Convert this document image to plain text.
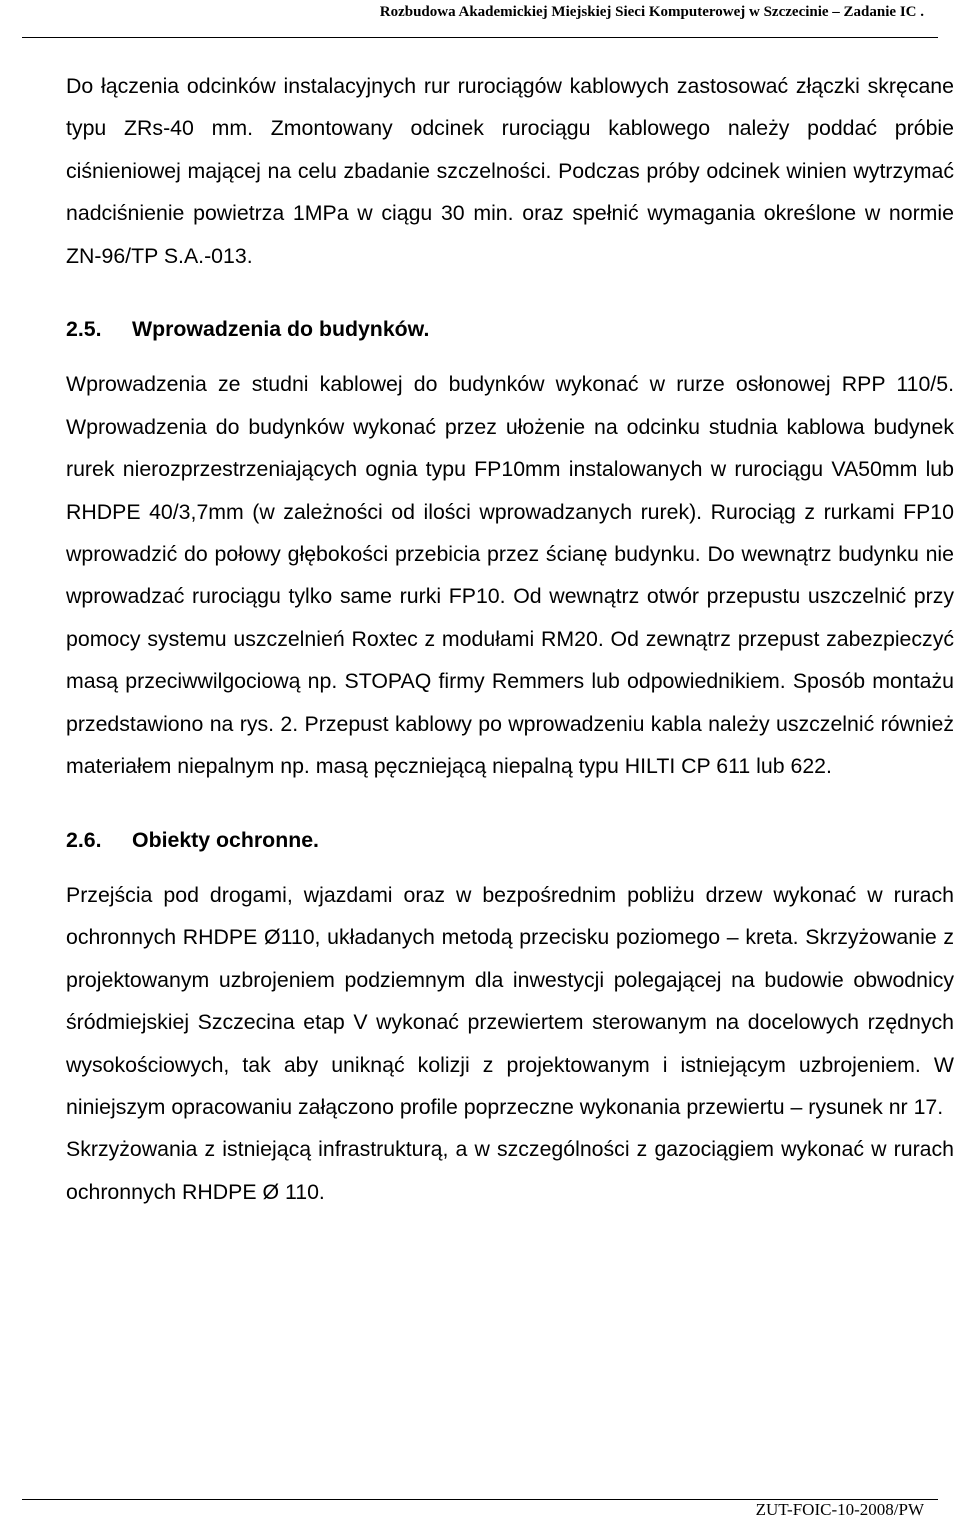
Rozbudowa Akademickiej Miejskiej Sieci Komputerowej w Szczecinie – Zadanie IC .

Do łączenia odcinków instalacyjnych rur rurociągów kablowych zastosować złączki skręcane typu ZRs-40 mm. Zmontowany odcinek rurociągu kablowego należy poddać próbie ciśnieniowej mającej na celu zbadanie szczelności. Podczas próby odcinek winien wytrzymać nadciśnienie powietrza 1MPa w ciągu 30 min. oraz spełnić wymagania określone w normie ZN-96/TP S.A.-013.

2.5. Wprowadzenia do budynków.

Wprowadzenia ze studni kablowej do budynków wykonać w rurze osłonowej RPP 110/5. Wprowadzenia do budynków wykonać przez ułożenie na odcinku studnia kablowa budynek rurek nierozprzestrzeniających ognia typu FP10mm instalowanych w rurociągu VA50mm lub RHDPE 40/3,7mm (w zależności od ilości wprowadzanych rurek). Rurociąg z rurkami FP10 wprowadzić do połowy głębokości przebicia przez ścianę budynku. Do wewnątrz budynku nie wprowadzać rurociągu tylko same rurki FP10. Od wewnątrz otwór przepustu uszczelnić przy pomocy systemu uszczelnień Roxtec z modułami RM20. Od zewnątrz przepust zabezpieczyć masą przeciwwilgociową np. STOPAQ firmy Remmers lub odpowiednikiem. Sposób montażu przedstawiono na rys. 2. Przepust kablowy po wprowadzeniu kabla należy uszczelnić również materiałem niepalnym np. masą pęczniejącą niepalną typu HILTI CP 611 lub 622.

2.6. Obiekty ochronne.

Przejścia pod drogami, wjazdami oraz w bezpośrednim pobliżu drzew wykonać w rurach ochronnych RHDPE Ø110, układanych metodą przecisku poziomego – kreta. Skrzyżowanie z projektowanym uzbrojeniem podziemnym dla inwestycji polegającej na budowie obwodnicy śródmiejskiej Szczecina etap V wykonać przewiertem sterowanym na docelowych rzędnych wysokościowych, tak aby uniknąć kolizji z projektowanym i istniejącym uzbrojeniem. W niniejszym opracowaniu załączono profile poprzeczne wykonania przewiertu – rysunek nr 17.

Skrzyżowania z istniejącą infrastrukturą, a w szczególności z gazociągiem wykonać w rurach ochronnych RHDPE Ø 110.

ZUT-FOIC-10-2008/PW
